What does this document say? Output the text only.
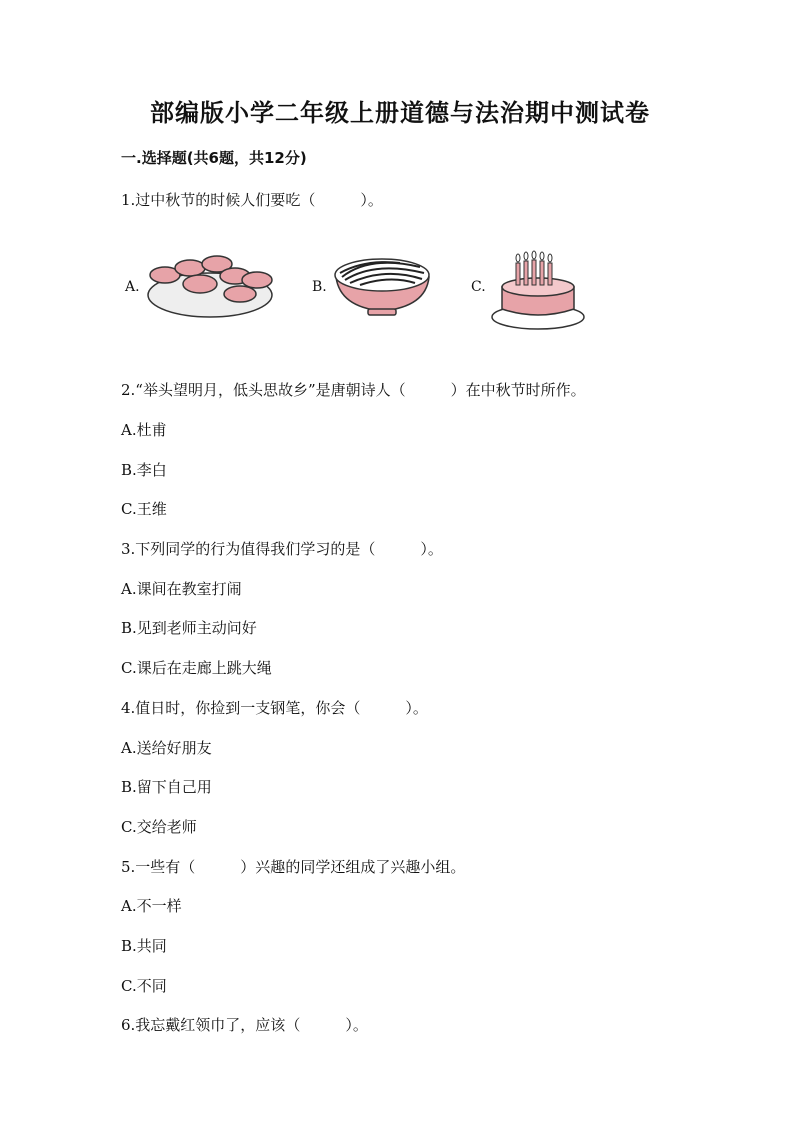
部编版小学二年级上册道德与法治期中测试卷
一.选择题(共6题，共12分)
1.过中秋节的时候人们要吃（　　　）。
A.	B.	C.
2.“举头望明月，低头思故乡”是唐朝诗人（　　　）在中秋节时所作。
A.杜甫
B.李白
C.王维
3.下列同学的行为值得我们学习的是（　　　）。
A.课间在教室打闹
B.见到老师主动问好
C.课后在走廊上跳大绳
4.值日时，你捡到一支钢笔，你会（　　　）。
A.送给好朋友
B.留下自己用
C.交给老师
5.一些有（　　　）兴趣的同学还组成了兴趣小组。
A.不一样
B.共同
C.不同
6.我忘戴红领巾了，应该（　　　）。
